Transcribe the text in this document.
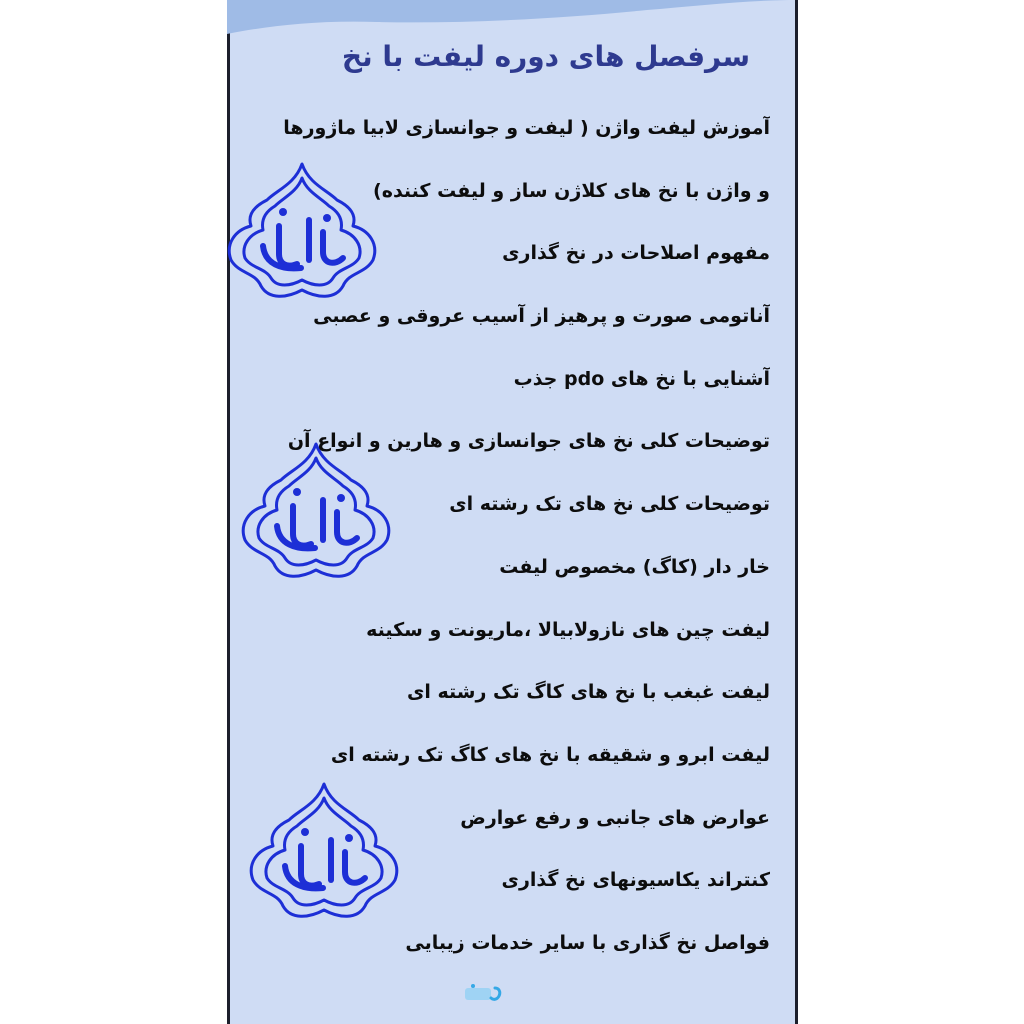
سرفصل های دوره لیفت با نخ
آموزش لیفت واژن ( لیفت و جوانسازی لابیا ماژورها
و واژن با نخ های کلاژن ساز و لیفت کننده)
مفهوم اصلاحات در نخ گذاری
آناتومی صورت و پرهیز از آسیب عروقی و عصبی
آشنایی با نخ های pdo جذب
توضیحات کلی نخ های جوانسازی و هارین و انواع آن
توضیحات کلی نخ های تک رشته ای
خار دار (کاگ) مخصوص لیفت
لیفت چین های نازولابیالا ،ماریونت و سکینه
لیفت غبغب با نخ های کاگ تک رشته ای
لیفت ابرو و شقیقه با نخ های کاگ تک رشته ای
عوارض های جانبی و رفع عوارض
کنتراند یکاسیونهای نخ گذاری
فواصل نخ گذاری با سایر خدمات زیبایی
